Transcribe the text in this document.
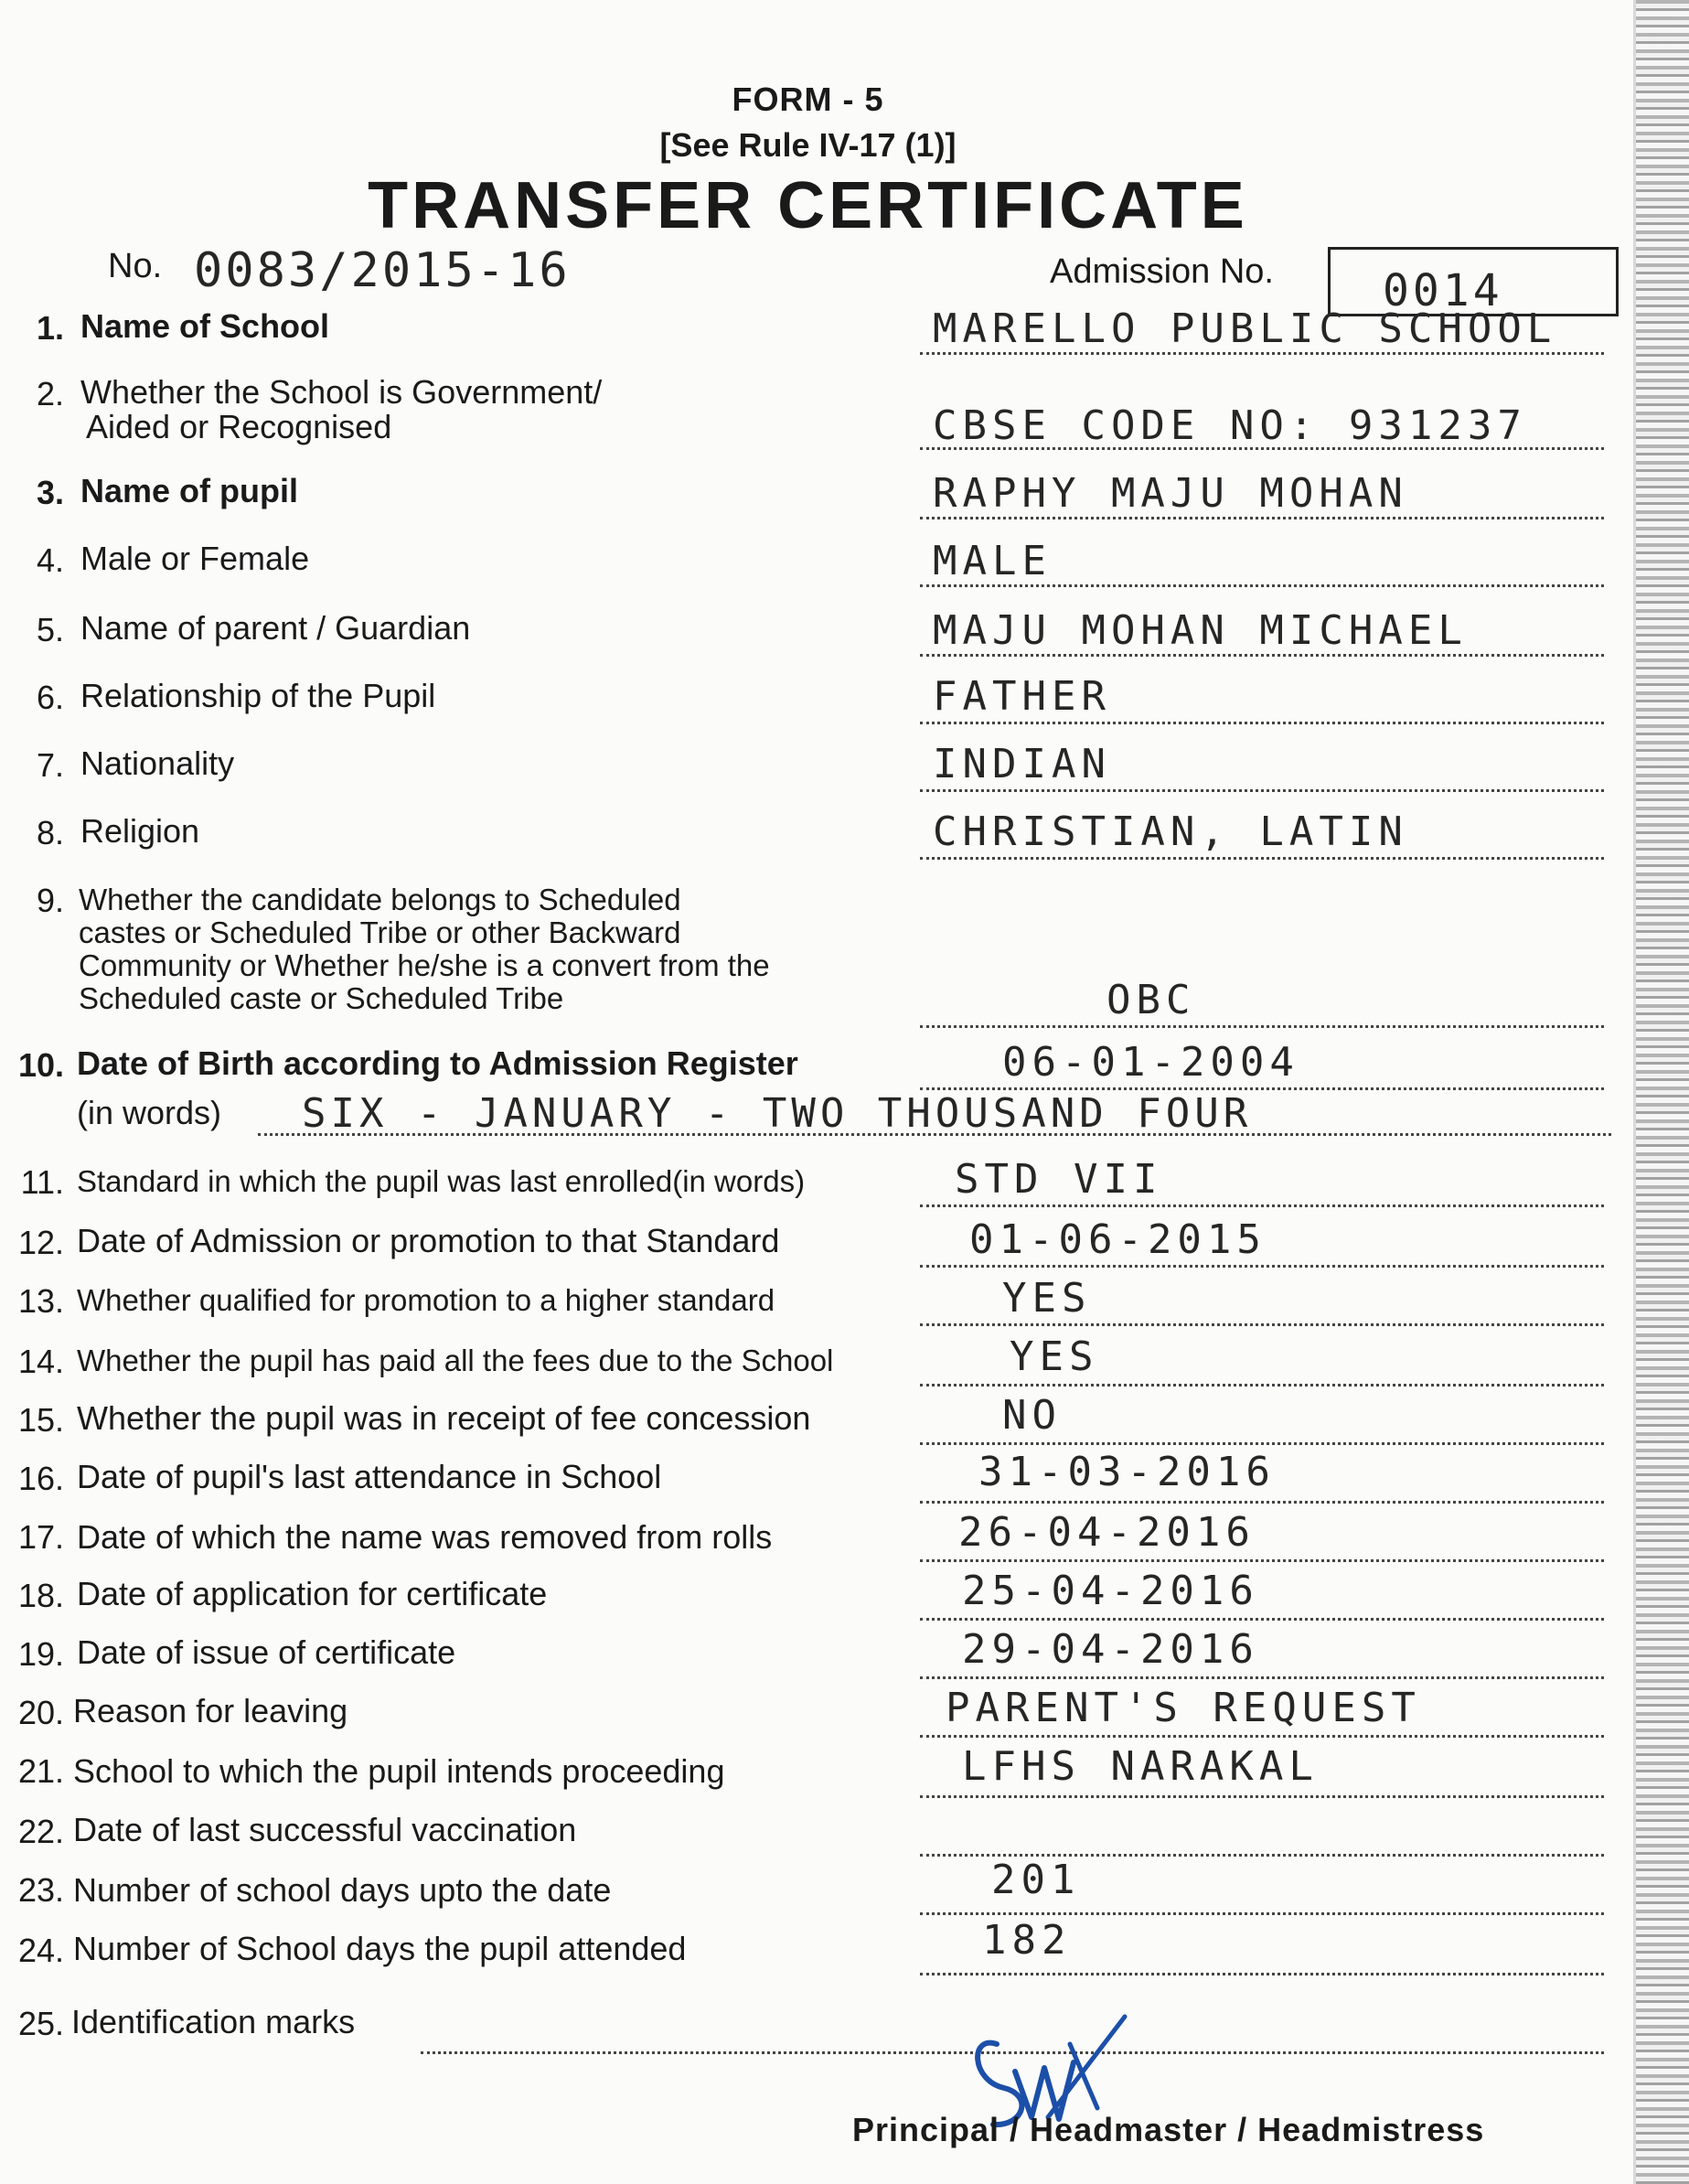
FORM - 5
[See Rule IV-17 (1)]
TRANSFER CERTIFICATE
No. 0083/2015-16	Admission No. 0014
1. Name of School	MARELLO PUBLIC SCHOOL
2. Whether the School is Government/
Aided or Recognised	CBSE CODE NO: 931237
3. Name of pupil	RAPHY MAJU MOHAN
4. Male or Female	MALE
5. Name of parent / Guardian	MAJU MOHAN MICHAEL
6. Relationship of the Pupil	FATHER
7. Nationality	INDIAN
8. Religion	CHRISTIAN, LATIN
9. Whether the candidate belongs to Scheduled
castes or Scheduled Tribe or other Backward
Community or Whether he/she is a convert from the
Scheduled caste or Scheduled Tribe	OBC
10. Date of Birth according to Admission Register	06-01-2004
(in words) SIX - JANUARY - TWO THOUSAND FOUR
11. Standard in which the pupil was last enrolled(in words)	STD VII
12. Date of Admission or promotion to that Standard	01-06-2015
13. Whether qualified for promotion to a higher standard	YES
14. Whether the pupil has paid all the fees due to the School	YES
15. Whether the pupil was in receipt of fee concession	NO
16. Date of pupil's last attendance in School	31-03-2016
17. Date of which the name was removed from rolls	26-04-2016
18. Date of application for certificate	25-04-2016
19. Date of issue of certificate	29-04-2016
20. Reason for leaving	PARENT'S REQUEST
21. School to which the pupil intends proceeding	LFHS NARAKAL
22. Date of last successful vaccination
23. Number of school days upto the date	201
24. Number of School days the pupil attended	182
25. Identification marks
Principal / Headmaster / Headmistress
